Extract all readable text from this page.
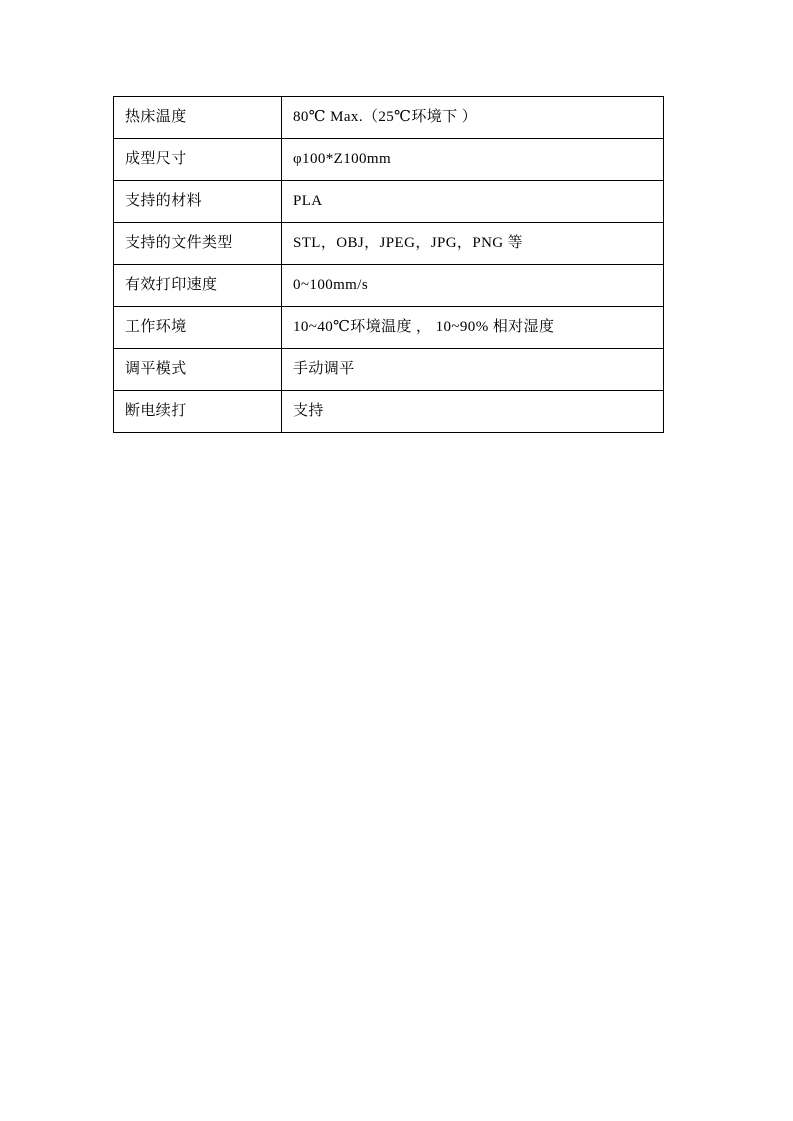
热床温度	80℃ Max.（25℃环境下 ）
成型尺寸	φ100*Z100mm
支持的材料	PLA
支持的文件类型	STL，OBJ，JPEG，JPG，PNG 等
有效打印速度	0~100mm/s
工作环境	10~40℃环境温度 ， 10~90% 相对湿度
调平模式	手动调平
断电续打	支持
